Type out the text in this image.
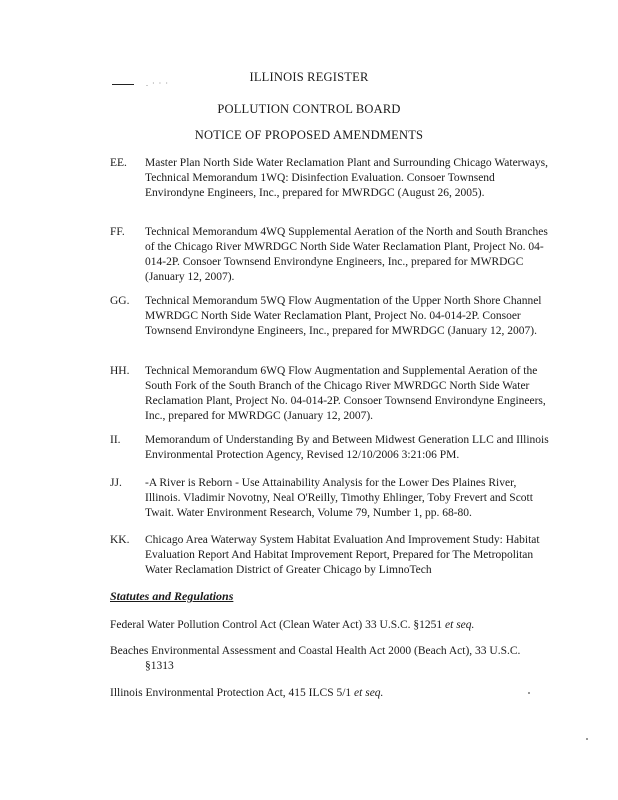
. · · ·	ILLINOIS REGISTER
POLLUTION CONTROL BOARD
NOTICE OF PROPOSED AMENDMENTS
EE.	Master Plan North Side Water Reclamation Plant and Surrounding Chicago Waterways, Technical Memorandum 1WQ: Disinfection Evaluation. Consoer Townsend Environdyne Engineers, Inc., prepared for MWRDGC (August 26, 2005).
FF.	Technical Memorandum 4WQ Supplemental Aeration of the North and South Branches of the Chicago River MWRDGC North Side Water Reclamation Plant, Project No. 04-014-2P. Consoer Townsend Environdyne Engineers, Inc., prepared for MWRDGC (January 12, 2007).
GG.	Technical Memorandum 5WQ Flow Augmentation of the Upper North Shore Channel MWRDGC North Side Water Reclamation Plant, Project No. 04-014-2P. Consoer Townsend Environdyne Engineers, Inc., prepared for MWRDGC (January 12, 2007).
HH.	Technical Memorandum 6WQ Flow Augmentation and Supplemental Aeration of the South Fork of the South Branch of the Chicago River MWRDGC North Side Water Reclamation Plant, Project No. 04-014-2P. Consoer Townsend Environdyne Engineers, Inc., prepared for MWRDGC (January 12, 2007).
II.	Memorandum of Understanding By and Between Midwest Generation LLC and Illinois Environmental Protection Agency, Revised 12/10/2006 3:21:06 PM.
JJ.	-A River is Reborn - Use Attainability Analysis for the Lower Des Plaines River, Illinois. Vladimir Novotny, Neal O'Reilly, Timothy Ehlinger, Toby Frevert and Scott Twait. Water Environment Research, Volume 79, Number 1, pp. 68-80.
KK.	Chicago Area Waterway System Habitat Evaluation And Improvement Study: Habitat Evaluation Report And Habitat Improvement Report, Prepared for The Metropolitan Water Reclamation District of Greater Chicago by LimnoTech
Statutes and Regulations
Federal Water Pollution Control Act (Clean Water Act) 33 U.S.C. §1251 et seq.
Beaches Environmental Assessment and Coastal Health Act 2000 (Beach Act), 33 U.S.C.
§1313
Illinois Environmental Protection Act, 415 ILCS 5/1 et seq.
